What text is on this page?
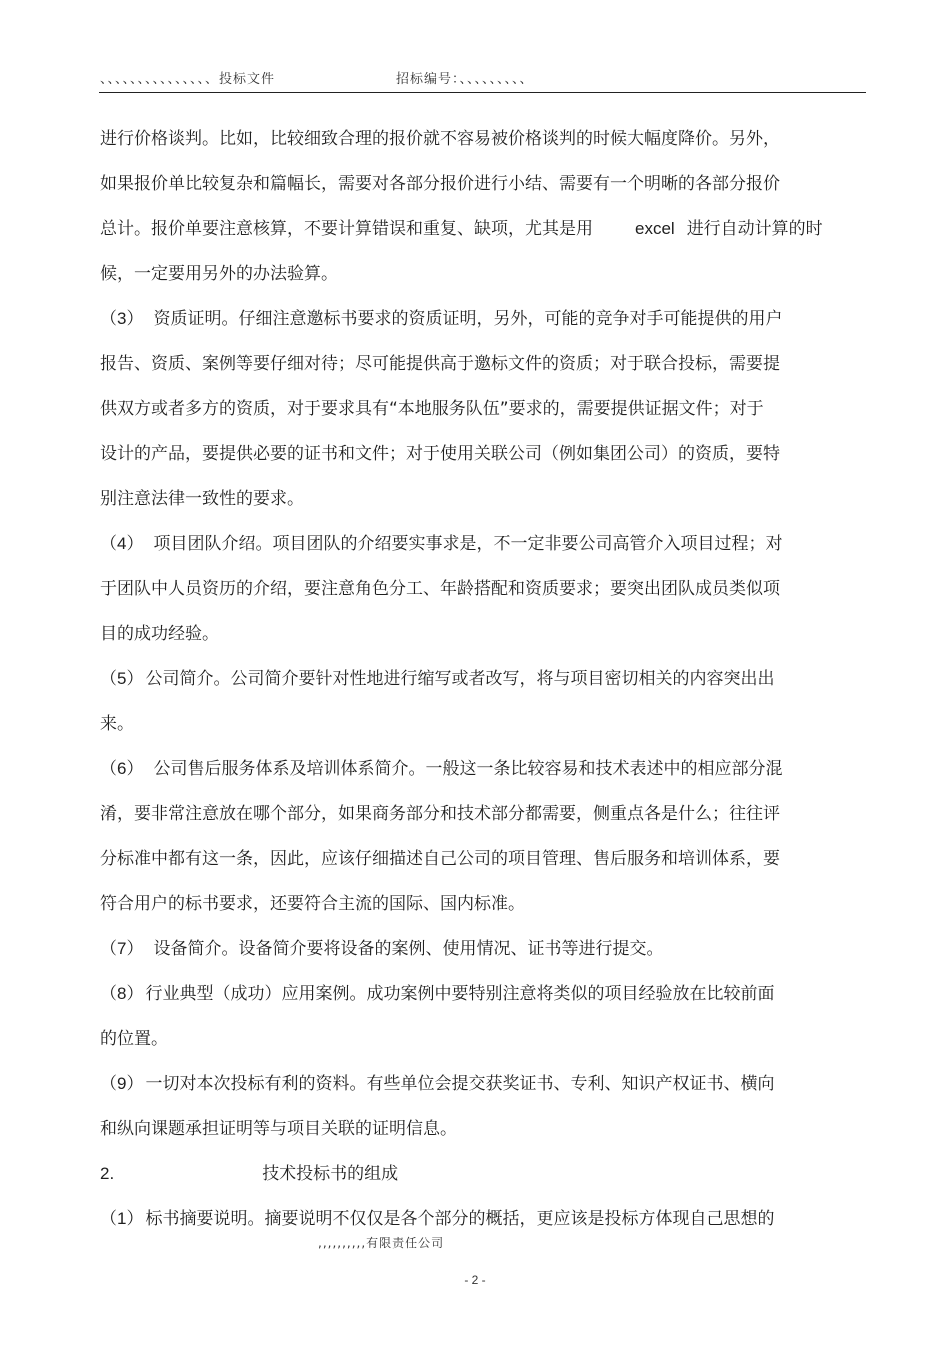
、、、、、、、、、、、、、、、投标文件	招标编号：、、、、、、、、、
进行价格谈判。比如，比较细致合理的报价就不容易被价格谈判的时候大幅度降价。另外，
如果报价单比较复杂和篇幅长，需要对各部分报价进行小结、需要有一个明晰的各部分报价
总计。报价单要注意核算，不要计算错误和重复、缺项，尤其是用 excel 进行自动计算的时
候，一定要用另外的办法验算。
（3） 资质证明。仔细注意邀标书要求的资质证明，另外，可能的竞争对手可能提供的用户
报告、资质、案例等要仔细对待；尽可能提供高于邀标文件的资质；对于联合投标，需要提
供双方或者多方的资质，对于要求具有“本地服务队伍”要求的，需要提供证据文件；对于
设计的产品，要提供必要的证书和文件；对于使用关联公司（例如集团公司）的资质，要特
别注意法律一致性的要求。
（4） 项目团队介绍。项目团队的介绍要实事求是，不一定非要公司高管介入项目过程；对
于团队中人员资历的介绍，要注意角色分工、年龄搭配和资质要求；要突出团队成员类似项
目的成功经验。
（5） 公司简介。公司简介要针对性地进行缩写或者改写，将与项目密切相关的内容突出出
来。
（6） 公司售后服务体系及培训体系简介。一般这一条比较容易和技术表述中的相应部分混
淆，要非常注意放在哪个部分，如果商务部分和技术部分都需要，侧重点各是什么；往往评
分标准中都有这一条，因此，应该仔细描述自己公司的项目管理、售后服务和培训体系，要
符合用户的标书要求，还要符合主流的国际、国内标准。
（7） 设备简介。设备简介要将设备的案例、使用情况、证书等进行提交。
（8） 行业典型（成功）应用案例。成功案例中要特别注意将类似的项目经验放在比较前面
的位置。
（9） 一切对本次投标有利的资料。有些单位会提交获奖证书、专利、知识产权证书、横向
和纵向课题承担证明等与项目关联的证明信息。
2.	技术投标书的组成
（1） 标书摘要说明。摘要说明不仅仅是各个部分的概括，更应该是投标方体现自己思想的
,,,,,,,,,,有限责任公司
- 2 -
